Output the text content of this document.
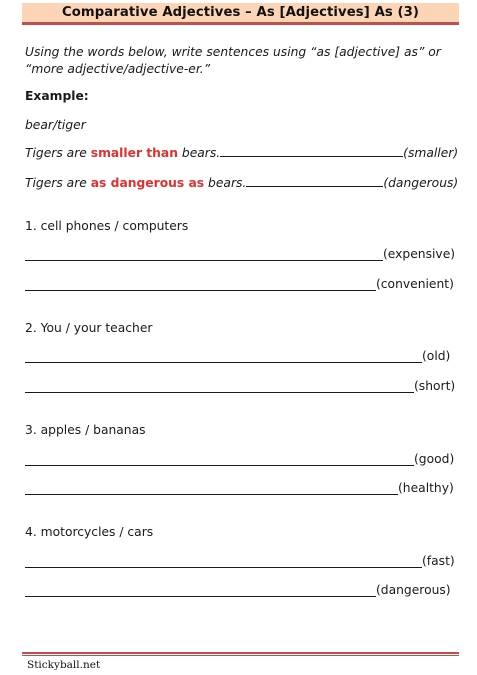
Comparative Adjectives – As [Adjectives] As (3)
Using the words below, write sentences using “as [adjective] as” or “more adjective/adjective-er.”
Example:
bear/tiger
Tigers are smaller than bears.	(smaller)
Tigers are as dangerous as bears.	(dangerous)
1. cell phones / computers
(expensive)
(convenient)
2. You / your teacher
(old)
(short)
3. apples / bananas
(good)
(healthy)
4. motorcycles / cars
(fast)
(dangerous)
Stickyball.net
